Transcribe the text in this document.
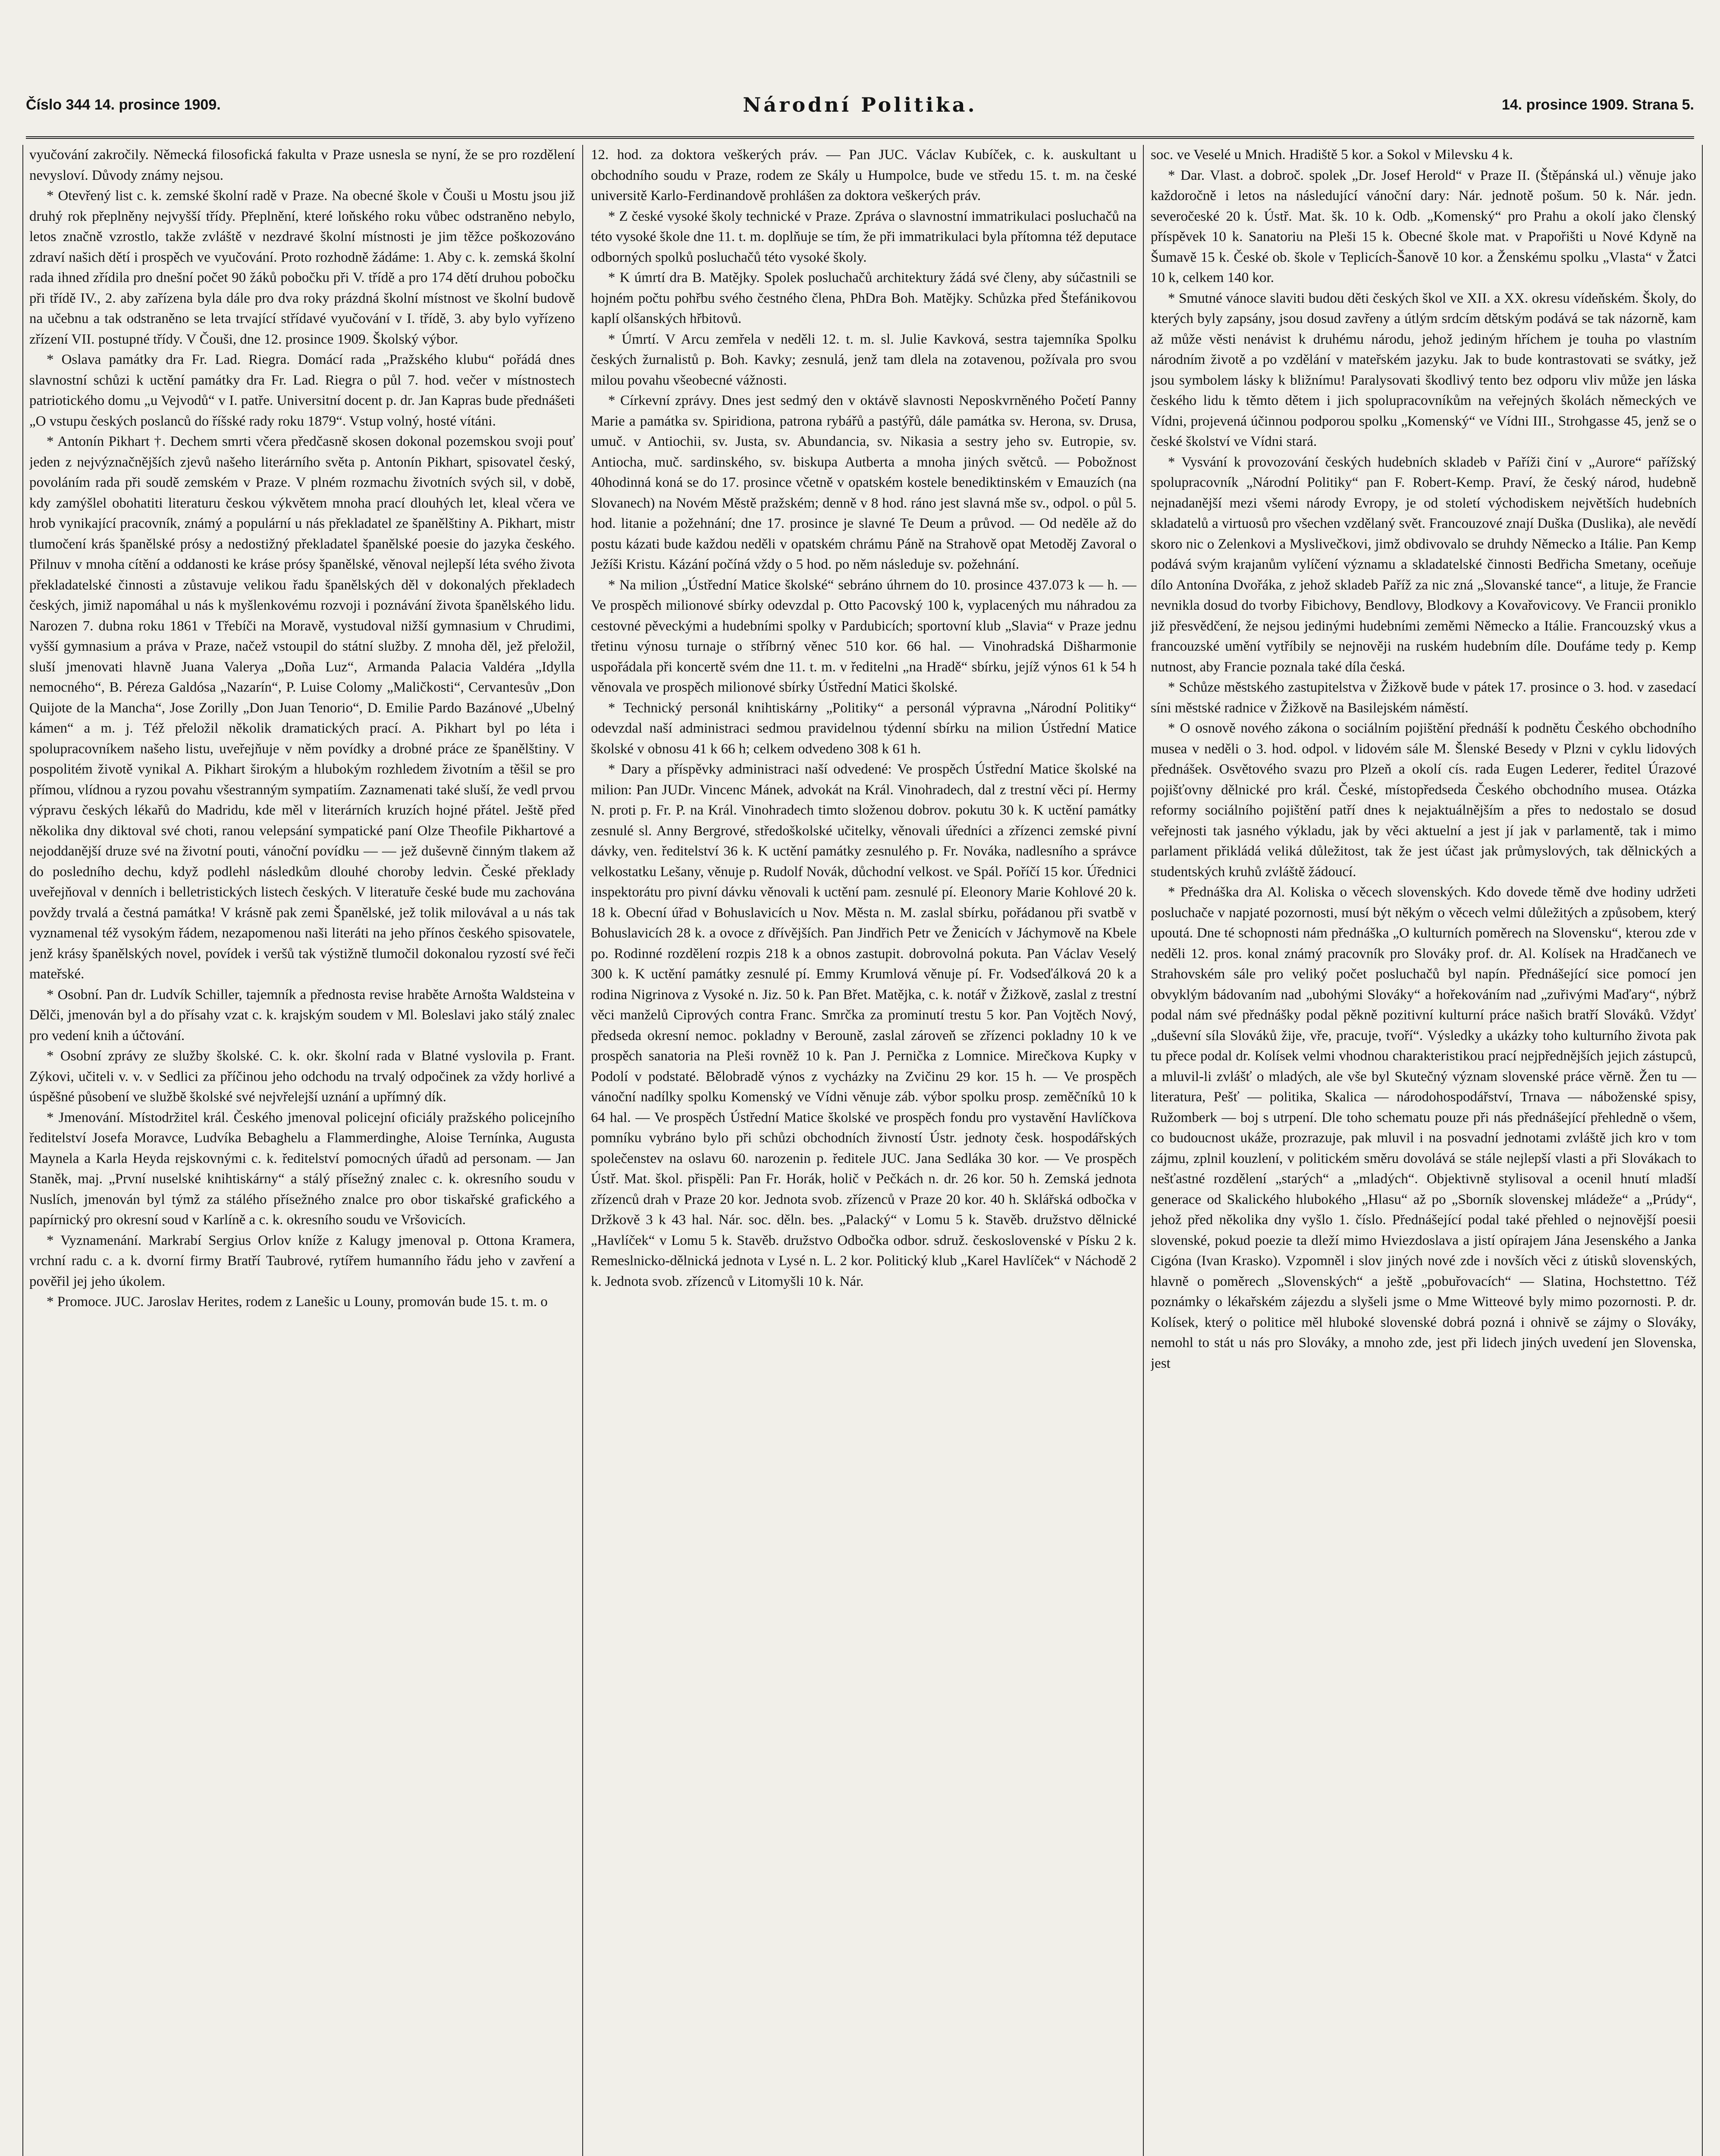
Číslo 344 14. prosince 1909.	Národní Politika.	14. prosince 1909. Strana 5.

vyučování zakročily. Německá filosofická fakulta v Praze usnesla se nyní, že se pro rozdělení nevysloví. Důvody známy nejsou.

* Otevřený list c. k. zemské školní radě v Praze. Na obecné škole v Čouši u Mostu jsou již druhý rok přeplněny nejvyšší třídy. Přeplnění, které loňského roku vůbec odstraněno nebylo, letos značně vzrostlo, takže zvláště v nezdravé školní místnosti je jim těžce poškozováno zdraví našich dětí i prospěch ve vyučování. Proto rozhodně žádáme: 1. Aby c. k. zemská školní rada ihned zřídila pro dnešní počet 90 žáků pobočku při V. třídě a pro 174 dětí druhou pobočku při třídě IV., 2. aby zařízena byla dále pro dva roky prázdná školní místnost ve školní budově na učebnu a tak odstraněno se leta trvající střídavé vyučování v I. třídě, 3. aby bylo vyřízeno zřízení VII. postupné třídy. V Čouši, dne 12. prosince 1909. Školský výbor.

* Oslava památky dra Fr. Lad. Riegra. Domácí rada „Pražského klubu“ pořádá dnes slavnostní schůzi k uctění památky dra Fr. Lad. Riegra o půl 7. hod. večer v místnostech patriotického domu „u Vejvodů“ v I. patře. Universitní docent p. dr. Jan Kapras bude přednášeti „O vstupu českých poslanců do říšské rady roku 1879“. Vstup volný, hosté vítáni.

* Antonín Pikhart †. Dechem smrti včera předčasně skosen dokonal pozemskou svoji pouť jeden z nejvýznačnějších zjevů našeho literárního světa p. Antonín Pikhart, spisovatel český, povoláním rada při soudě zemském v Praze. V plném rozmachu životních svých sil, v době, kdy zamýšlel obohatiti literaturu českou výkvětem mnoha prací dlouhých let, kleal včera ve hrob vynikající pracovník, známý a populární u nás překladatel ze španělštiny A. Pikhart, mistr tlumočení krás španělské prósy a nedostižný překladatel španělské poesie do jazyka českého. Přilnuv v mnoha cítění a oddanosti ke kráse prósy španělské, věnoval nejlepší léta svého života překladatelské činnosti a zůstavuje velikou řadu španělských děl v dokonalých překladech českých, jimiž napomáhal u nás k myšlenkovému rozvoji i poznávání života španělského lidu. Narozen 7. dubna roku 1861 v Třebíči na Moravě, vystudoval nižší gymnasium v Chrudimi, vyšší gymnasium a práva v Praze, načež vstoupil do státní služby. Z mnoha děl, jež přeložil, sluší jmenovati hlavně Juana Valerya „Doña Luz“, Armanda Palacia Valdéra „Idylla nemocného“, B. Péreza Galdósa „Nazarín“, P. Luise Colomy „Maličkosti“, Cervantesův „Don Quijote de la Mancha“, Jose Zorilly „Don Juan Tenorio“, D. Emilie Pardo Bazánové „Ubelný kámen“ a m. j. Též přeložil několik dramatických prací. A. Pikhart byl po léta i spolupracovníkem našeho listu, uveřejňuje v něm povídky a drobné práce ze španělštiny. V pospolitém životě vynikal A. Pikhart širokým a hlubokým rozhledem životním a těšil se pro přímou, vlídnou a ryzou povahu všestranným sympatiím. Zaznamenati také sluší, že vedl prvou výpravu českých lékařů do Madridu, kde měl v literárních kruzích hojné přátel. Ještě před několika dny diktoval své choti, ranou velepsání sympatické paní Olze Theofile Pikhartové a nejoddanější druze své na životní pouti, vánoční povídku — — jež duševně činným tlakem až do posledního dechu, když podlehl následkům dlouhé choroby ledvin. České překlady uveřejňoval v denních i belletristických listech českých. V literatuře české bude mu zachována povždy trvalá a čestná památka! V krásně pak zemi Španělské, jež tolik milovával a u nás tak vyznamenal též vysokým řádem, nezapomenou naši literáti na jeho přínos českého spisovatele, jenž krásy španělských novel, povídek i veršů tak výstižně tlumočil dokonalou ryzostí své řeči mateřské.

* Osobní. Pan dr. Ludvík Schiller, tajemník a přednosta revise hraběte Arnošta Waldsteina v Dělči, jmenován byl a do přísahy vzat c. k. krajským soudem v Ml. Boleslavi jako stálý znalec pro vedení knih a účtování.

* Osobní zprávy ze služby školské. C. k. okr. školní rada v Blatné vyslovila p. Frant. Zýkovi, učiteli v. v. v Sedlici za příčinou jeho odchodu na trvalý odpočinek za vždy horlivé a úspěšné působení ve službě školské své nejvřelejší uznání a upřímný dík.

* Jmenování. Místodržitel král. Českého jmenoval policejní oficiály pražského policejního ředitelství Josefa Moravce, Ludvíka Bebaghelu a Flammerdinghe, Aloise Ternínka, Augusta Maynela a Karla Heyda rejskovnými c. k. ředitelství pomocných úřadů ad personam. — Jan Staněk, maj. „První nuselské knihtiskárny“ a stálý přísežný znalec c. k. okresního soudu v Nuslích, jmenován byl týmž za stálého přísežného znalce pro obor tiskařské grafického a papírnický pro okresní soud v Karlíně a c. k. okresního soudu ve Vršovicích.

* Vyznamenání. Markrabí Sergius Orlov kníže z Kalugy jmenoval p. Ottona Kramera, vrchní radu c. a k. dvorní firmy Bratří Taubrové, rytířem humanního řádu jeho v zavření a pověřil jej jeho úkolem.

* Promoce. JUC. Jaroslav Herites, rodem z Lanešic u Louny, promován bude 15. t. m. o

12. hod. za doktora veškerých práv. — Pan JUC. Václav Kubíček, c. k. auskultant u obchodního soudu v Praze, rodem ze Skály u Humpolce, bude ve středu 15. t. m. na české universitě Karlo-Ferdinandově prohlášen za doktora veškerých práv.

* Z české vysoké školy technické v Praze. Zpráva o slavnostní immatrikulaci posluchačů na této vysoké škole dne 11. t. m. doplňuje se tím, že při immatrikulaci byla přítomna též deputace odborných spolků posluchačů této vysoké školy.

* K úmrtí dra B. Matějky. Spolek posluchačů architektury žádá své členy, aby súčastnili se hojném počtu pohřbu svého čestného člena, PhDra Boh. Matějky. Schůzka před Štefánikovou kaplí olšanských hřbitovů.

* Úmrtí. V Arcu zemřela v neděli 12. t. m. sl. Julie Kavková, sestra tajemníka Spolku českých žurnalistů p. Boh. Kavky; zesnulá, jenž tam dlela na zotavenou, požívala pro svou milou povahu všeobecné vážnosti.

* Církevní zprávy. Dnes jest sedmý den v oktávě slavnosti Neposkvrněného Početí Panny Marie a památka sv. Spiridiona, patrona rybářů a pastýřů, dále památka sv. Herona, sv. Drusa, umuč. v Antiochii, sv. Justa, sv. Abundancia, sv. Nikasia a sestry jeho sv. Eutropie, sv. Antiocha, muč. sardinského, sv. biskupa Autberta a mnoha jiných světců. — Pobožnost 40hodinná koná se do 17. prosince včetně v opatském kostele benediktinském v Emauzích (na Slovanech) na Novém Městě pražském; denně v 8 hod. ráno jest slavná mše sv., odpol. o půl 5. hod. litanie a požehnání; dne 17. prosince je slavné Te Deum a průvod. — Od neděle až do postu kázati bude každou neděli v opatském chrámu Páně na Strahově opat Metoděj Zavoral o Ježíši Kristu. Kázání počíná vždy o 5 hod. po něm následuje sv. požehnání.

* Na milion „Ústřední Matice školské“ sebráno úhrnem do 10. prosince 437.073 k — h. — Ve prospěch milionové sbírky odevzdal p. Otto Pacovský 100 k, vyplacených mu náhradou za cestovné pěveckými a hudebními spolky v Pardubicích; sportovní klub „Slavia“ v Praze jednu třetinu výnosu turnaje o stříbrný věnec 510 kor. 66 hal. — Vinohradská Dišharmonie uspořádala při koncertě svém dne 11. t. m. v ředitelni „na Hradě“ sbírku, jejíž výnos 61 k 54 h věnovala ve prospěch milionové sbírky Ústřední Matici školské.

* Technický personál knihtiskárny „Politiky“ a personál výpravna „Národní Politiky“ odevzdal naší administraci sedmou pravidelnou týdenní sbírku na milion Ústřední Matice školské v obnosu 41 k 66 h; celkem odvedeno 308 k 61 h.

* Dary a příspěvky administraci naší odvedené: Ve prospěch Ústřední Matice školské na milion: Pan JUDr. Vincenc Mánek, advokát na Král. Vinohradech, dal z trestní věci pí. Hermy N. proti p. Fr. P. na Král. Vinohradech timto složenou dobrov. pokutu 30 k. K uctění památky zesnulé sl. Anny Bergrové, středoškolské učitelky, věnovali úředníci a zřízenci zemské pivní dávky, ven. ředitelství 36 k. K uctění památky zesnulého p. Fr. Nováka, nadlesního a správce velkostatku Lešany, věnuje p. Rudolf Novák, důchodní velkost. ve Spál. Poříčí 15 kor. Úřednici inspektorátu pro pivní dávku věnovali k uctění pam. zesnulé pí. Eleonory Marie Kohlové 20 k. 18 k. Obecní úřad v Bohuslavicích u Nov. Města n. M. zaslal sbírku, pořádanou při svatbě v Bohuslavicích 28 k. a ovoce z dřívějších. Pan Jindřich Petr ve Ženicích v Jáchymově na Kbele po. Rodinné rozdělení rozpis 218 k a obnos zastupit. dobrovolná pokuta. Pan Václav Veselý 300 k. K uctění památky zesnulé pí. Emmy Krumlová věnuje pí. Fr. Vodseďálková 20 k a rodina Nigrinova z Vysoké n. Jiz. 50 k. Pan Břet. Matějka, c. k. notář v Žižkově, zaslal z trestní věci manželů Ciprových contra Franc. Smrčka za prominutí trestu 5 kor. Pan Vojtěch Nový, předseda okresní nemoc. pokladny v Berouně, zaslal zároveň se zřízenci pokladny 10 k ve prospěch sanatoria na Pleši rovněž 10 k. Pan J. Pernička z Lomnice. Mirečkova Kupky v Podolí v podstaté. Bělobradě výnos z vycházky na Zvičinu 29 kor. 15 h. — Ve prospěch vánoční nadílky spolku Komenský ve Vídni věnuje záb. výbor spolku prosp. zeměčníků 10 k 64 hal. — Ve prospěch Ústřední Matice školské ve prospěch fondu pro vystavění Havlíčkova pomníku vybráno bylo při schůzi obchodních živností Ústr. jednoty česk. hospodářských společenstev na oslavu 60. narozenin p. ředitele JUC. Jana Sedláka 30 kor. — Ve prospěch Ústř. Mat. škol. přispěli: Pan Fr. Horák, holič v Pečkách n. dr. 26 kor. 50 h. Zemská jednota zřízenců drah v Praze 20 kor. Jednota svob. zřízenců v Praze 20 kor. 40 h. Sklářská odbočka v Držkově 3 k 43 hal. Nár. soc. děln. bes. „Palacký“ v Lomu 5 k. Stavěb. družstvo dělnické „Havlíček“ v Lomu 5 k. Stavěb. družstvo Odbočka odbor. sdruž. československé v Písku 2 k. Remeslnicko-dělnická jednota v Lysé n. L. 2 kor. Politický klub „Karel Havlíček“ v Náchodě 2 k. Jednota svob. zřízenců v Litomyšli 10 k. Nár.

soc. ve Veselé u Mnich. Hradiště 5 kor. a Sokol v Milevsku 4 k.

* Dar. Vlast. a dobroč. spolek „Dr. Josef Herold“ v Praze II. (Štěpánská ul.) věnuje jako každoročně i letos na následující vánoční dary: Nár. jednotě pošum. 50 k. Nár. jedn. severočeské 20 k. Ústř. Mat. šk. 10 k. Odb. „Komenský“ pro Prahu a okolí jako členský příspěvek 10 k. Sanatoriu na Pleši 15 k. Obecné škole mat. v Prapořišti u Nové Kdyně na Šumavě 15 k. České ob. škole v Teplicích-Šanově 10 kor. a Ženskému spolku „Vlasta“ v Žatci 10 k, celkem 140 kor.

* Smutné vánoce slaviti budou děti českých škol ve XII. a XX. okresu vídeňském. Školy, do kterých byly zapsány, jsou dosud zavřeny a útlým srdcím dětským podává se tak názorně, kam až může věsti nenávist k druhému národu, jehož jediným hříchem je touha po vlastním národním životě a po vzdělání v mateřském jazyku. Jak to bude kontrastovati se svátky, jež jsou symbolem lásky k bližnímu! Paralysovati škodlivý tento bez odporu vliv může jen láska českého lidu k těmto dětem i jich spolupracovníkům na veřejných školách německých ve Vídni, projevená účinnou podporou spolku „Komenský“ ve Vídni III., Strohgasse 45, jenž se o české školství ve Vídni stará.

* Vysvání k provozování českých hudebních skladeb v Paříži činí v „Aurore“ pařížský spolupracovník „Národní Politiky“ pan F. Robert-Kemp. Praví, že český národ, hudebně nejnadanější mezi všemi národy Evropy, je od století východiskem největších hudebních skladatelů a virtuosů pro všechen vzdělaný svět. Francouzové znají Duška (Duslika), ale nevědí skoro nic o Zelenkovi a Myslivečkovi, jimž obdivovalo se druhdy Německo a Itálie. Pan Kemp podává svým krajanům vylíčení významu a skladatelské činnosti Bedřicha Smetany, oceňuje dílo Antonína Dvořáka, z jehož skladeb Paříž za nic zná „Slovanské tance“, a lituje, že Francie nevnikla dosud do tvorby Fibichovy, Bendlovy, Blodkovy a Kovařovicovy. Ve Francii proniklo již přesvědčení, že nejsou jedinými hudebními zeměmi Německo a Itálie. Francouzský vkus a francouzské umění vytříbily se nejnověji na ruském hudebním díle. Doufáme tedy p. Kemp nutnost, aby Francie poznala také díla česká.

* Schůze městského zastupitelstva v Žižkově bude v pátek 17. prosince o 3. hod. v zasedací síni městské radnice v Žižkově na Basilejském náměstí.

* O osnově nového zákona o sociálním pojištění přednáší k podnětu Českého obchodního musea v neděli o 3. hod. odpol. v lidovém sále M. Šlenské Besedy v Plzni v cyklu lidových přednášek. Osvětového svazu pro Plzeň a okolí cís. rada Eugen Lederer, ředitel Úrazové pojišťovny dělnické pro král. České, místopředseda Českého obchodního musea. Otázka reformy sociálního pojištění patří dnes k nejaktuálnějším a přes to nedostalo se dosud veřejnosti tak jasného výkladu, jak by věci aktuelní a jest jí jak v parlamentě, tak i mimo parlament přikládá veliká důležitost, tak že jest účast jak průmyslových, tak dělnických a studentských kruhů zvláště žádoucí.

* Přednáška dra Al. Koliska o věcech slovenských. Kdo dovede těmě dve hodiny udržeti posluchače v napjaté pozornosti, musí být někým o věcech velmi důležitých a způsobem, který upoutá. Dne té schopnosti nám přednáška „O kulturních poměrech na Slovensku“, kterou zde v neděli 12. pros. konal známý pracovník pro Slováky prof. dr. Al. Kolísek na Hradčanech ve Strahovském sále pro veliký počet posluchačů byl napín. Přednášející sice pomocí jen obvyklým bádovaním nad „ubohými Slováky“ a hořekováním nad „zuřivými Maďary“, nýbrž podal nám své přednášky podal pěkně pozitivní kulturní práce našich bratří Slováků. Vždyť „duševní síla Slováků žije, vře, pracuje, tvoří“. Výsledky a ukázky toho kulturního života pak tu přece podal dr. Kolísek velmi vhodnou charakteristikou prací nejpřednějších jejich zástupců, a mluvil-li zvlášť o mladých, ale vše byl Skutečný význam slovenské práce věrně. Žen tu — literatura, Pešť — politika, Skalica — národohospodářství, Trnava — náboženské spisy, Ružomberk — boj s utrpení. Dle toho schematu pouze při nás přednášející přehledně o všem, co budoucnost ukáže, prozrazuje, pak mluvil i na posvadní jednotami zvláště jich kro v tom zájmu, zplnil kouzlení, v politickém směru dovolává se stále nejlepší vlasti a při Slovákach to nešťastné rozdělení „starých“ a „mladých“. Objektivně stylisoval a ocenil hnutí mladší generace od Skalického hlubokého „Hlasu“ až po „Sborník slovenskej mládeže“ a „Prúdy“, jehož před několika dny vyšlo 1. číslo. Přednášející podal také přehled o nejnovější poesii slovenské, pokud poezie ta dleží mimo Hviezdoslava a jistí opírajem Jána Jesenského a Janka Cigóna (Ivan Krasko). Vzpomněl i slov jiných nové zde i novších věci z útisků slovenských, hlavně o poměrech „Slovenských“ a ještě „pobuřovacích“ — Slatina, Hochstettno. Též poznámky o lékařském zájezdu a slyšeli jsme o Mme Witteové byly mimo pozornosti. P. dr. Kolísek, který o politice měl hluboké slovenské dobrá pozná i ohnivě se zájmy o Slováky, nemohl to stát u nás pro Slováky, a mnoho zde, jest při lidech jiných uvedení jen Slovenska, jest
